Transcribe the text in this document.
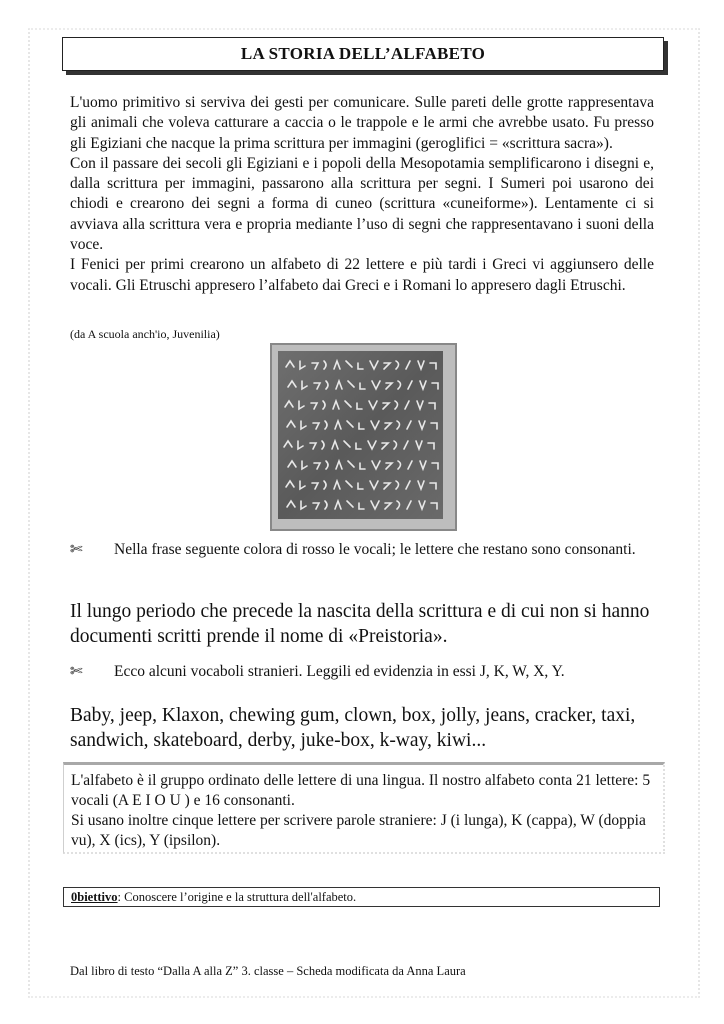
LA STORIA DELL’ALFABETO

L'uomo primitivo si serviva dei gesti per comunicare. Sulle pareti delle grotte rappresentava gli animali che voleva catturare a caccia o le trappole e le armi che avrebbe usato. Fu presso gli Egiziani che nacque la prima scrittura per immagini (geroglifici = «scrittura sacra»).

Con il passare dei secoli gli Egiziani e i popoli della Mesopotamia semplificarono i disegni e, dalla scrittura per immagini, passarono alla scrittura per segni. I Sumeri poi usarono dei chiodi e crearono dei segni a forma di cuneo (scrittura «cuneiforme»). Lentamente ci si avviava alla scrittura vera e propria mediante l’uso di segni che rappresentavano i suoni della voce.

I Fenici per primi crearono un alfabeto di 22 lettere e più tardi i Greci vi aggiunsero delle vocali. Gli Etruschi appresero l’alfabeto dai Greci e i Romani lo appresero dagli Etruschi.

(da A scuola anch'io, Juvenilia)
✄ Nella frase seguente colora di rosso le vocali; le lettere che restano sono consonanti.
Il lungo periodo che precede la nascita della scrittura e di cui non si hanno documenti scritti prende il nome di «Preistoria».
✄ Ecco alcuni vocaboli stranieri. Leggili ed evidenzia in essi J, K, W, X, Y.
Baby, jeep, Klaxon, chewing gum, clown, box, jolly, jeans, cracker, taxi, sandwich, skateboard, derby, juke-box, k-way, kiwi...

L'alfabeto è il gruppo ordinato delle lettere di una lingua. Il nostro alfabeto conta 21 lettere: 5 vocali (A E I O U ) e 16 consonanti.

Si usano inoltre cinque lettere per scrivere parole straniere: J (i lunga), K (cappa), W (doppia vu), X (ics), Y (ipsilon).

0biettivo: Conoscere l’origine e la struttura dell'alfabeto.
Dal libro di testo “Dalla A alla Z” 3. classe – Scheda modificata da Anna Laura
